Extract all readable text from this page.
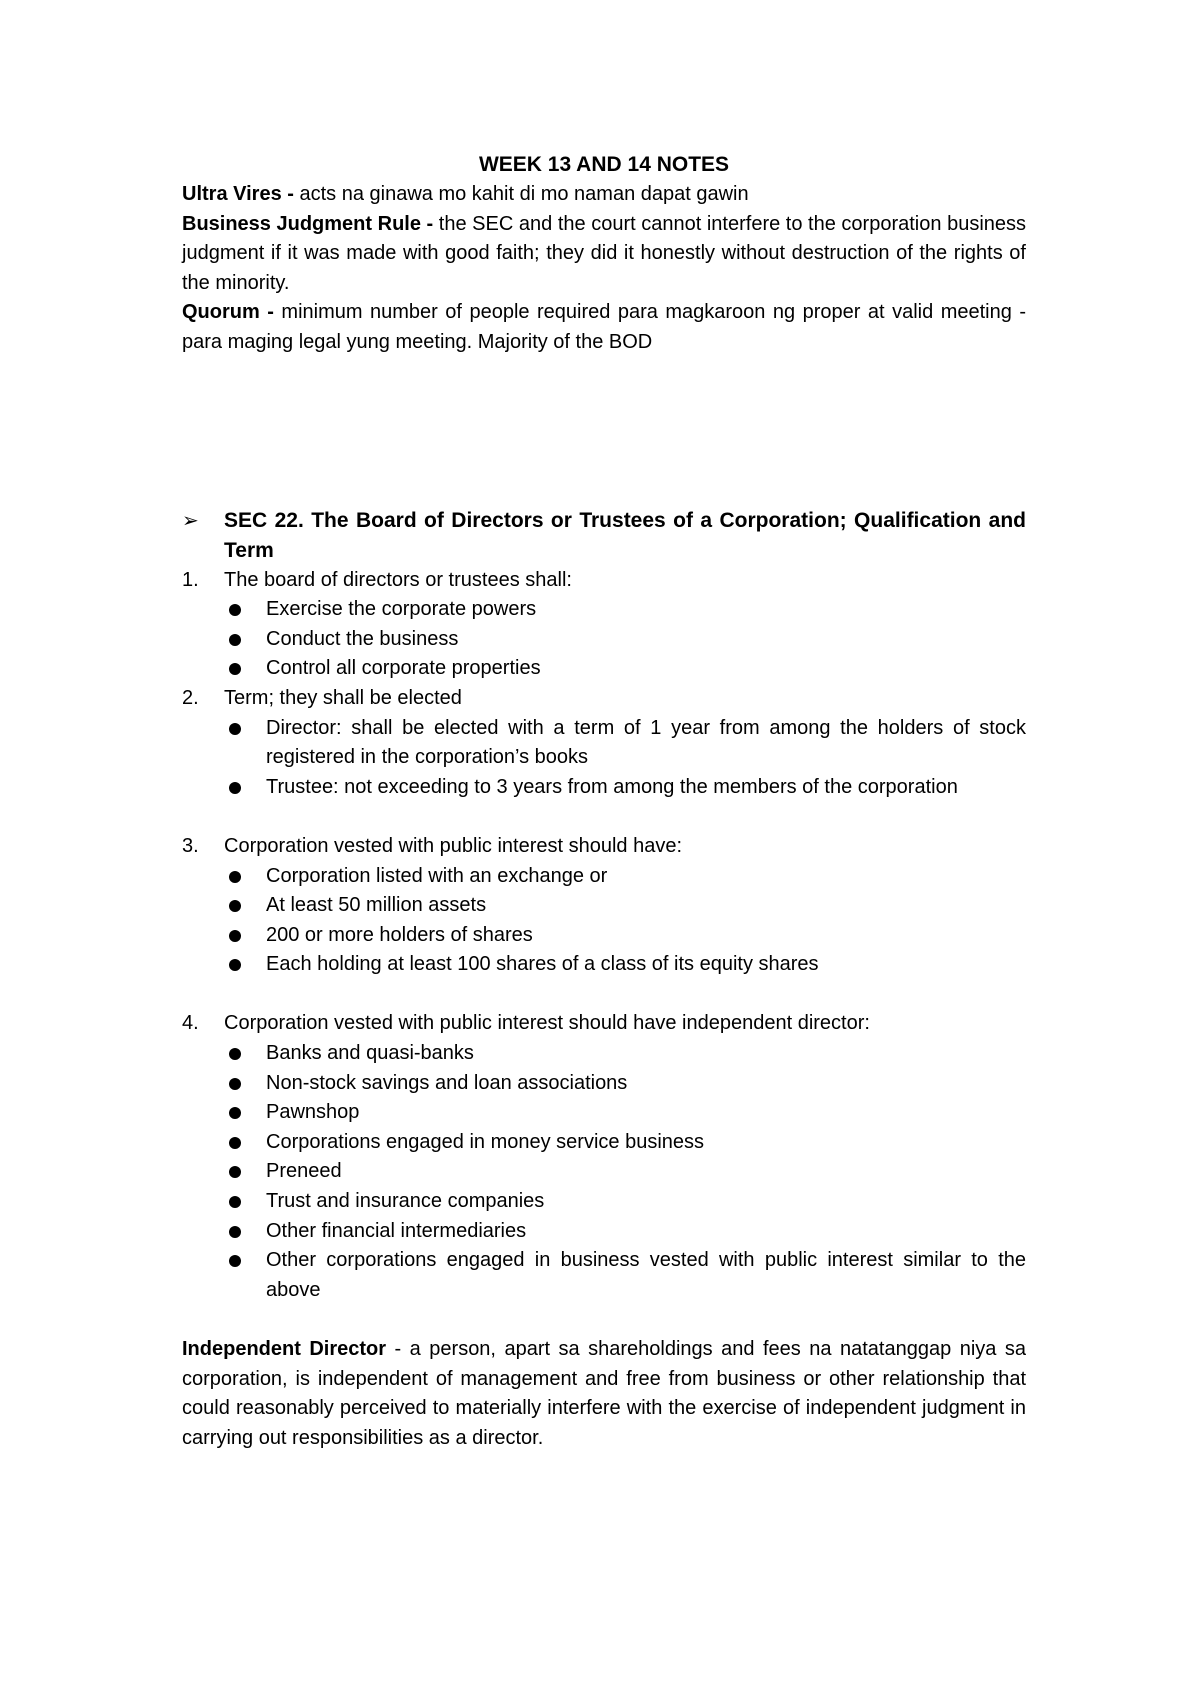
WEEK 13 AND 14 NOTES

Ultra Vires - acts na ginawa mo kahit di mo naman dapat gawin

Business Judgment Rule - the SEC and the court cannot interfere to the corporation business judgment if it was made with good faith; they did it honestly without destruction of the rights of the minority.

Quorum - minimum number of people required para magkaroon ng proper at valid meeting - para maging legal yung meeting. Majority of the BOD

➢ SEC 22. The Board of Directors or Trustees of a Corporation; Qualification and Term
1. The board of directors or trustees shall:
Exercise the corporate powers
Conduct the business
Control all corporate properties
2. Term; they shall be elected
Director: shall be elected with a term of 1 year from among the holders of stock registered in the corporation’s books
Trustee: not exceeding to 3 years from among the members of the corporation
3. Corporation vested with public interest should have:
Corporation listed with an exchange or
At least 50 million assets
200 or more holders of shares
Each holding at least 100 shares of a class of its equity shares
4. Corporation vested with public interest should have independent director:
Banks and quasi-banks
Non-stock savings and loan associations
Pawnshop
Corporations engaged in money service business
Preneed
Trust and insurance companies
Other financial intermediaries
Other corporations engaged in business vested with public interest similar to the above

Independent Director - a person, apart sa shareholdings and fees na natatanggap niya sa corporation, is independent of management and free from business or other relationship that could reasonably perceived to materially interfere with the exercise of independent judgment in carrying out responsibilities as a director.
